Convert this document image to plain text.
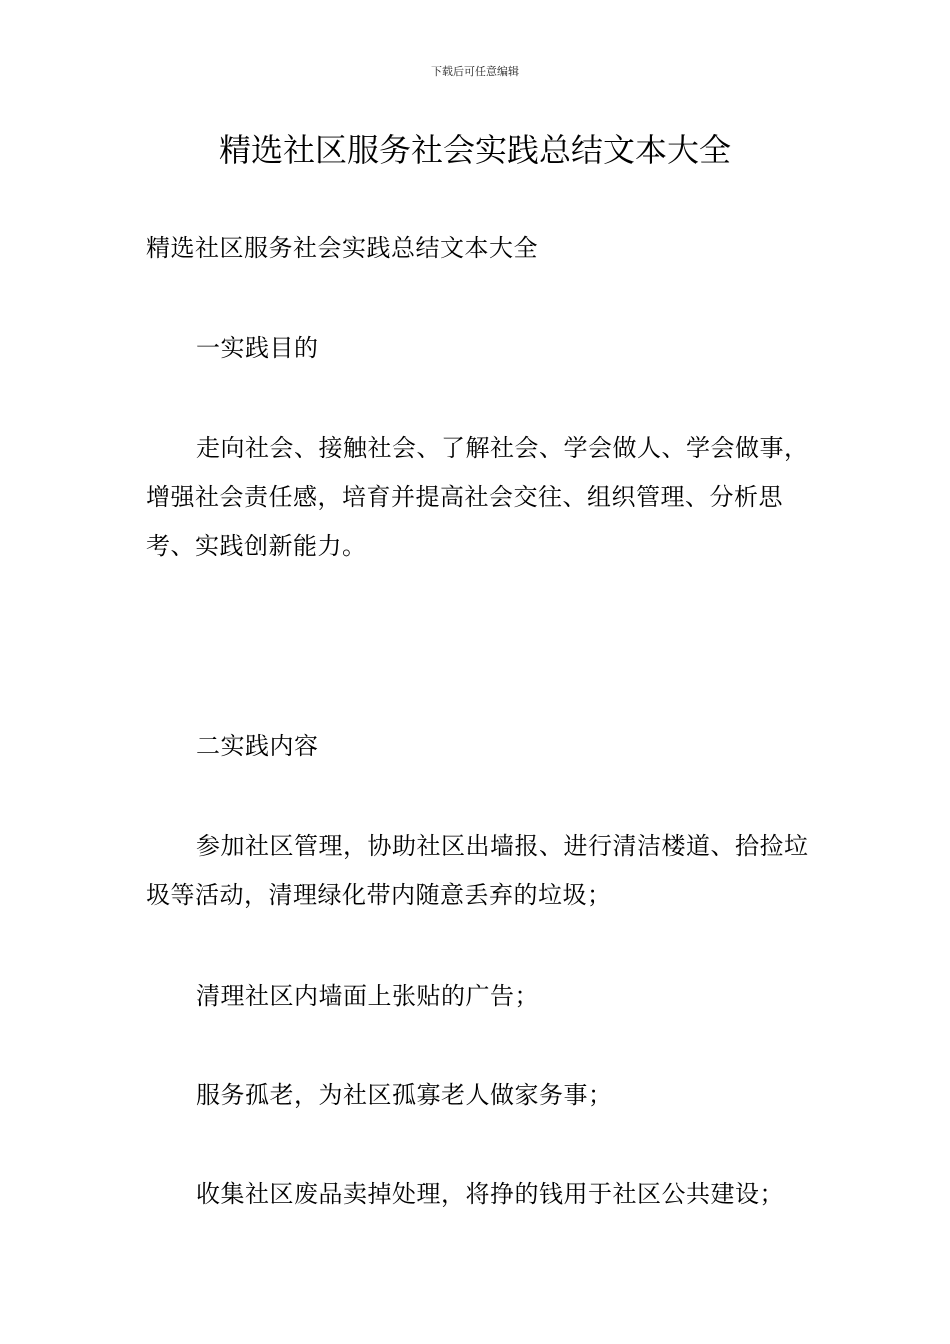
下载后可任意编辑
精选社区服务社会实践总结文本大全

精选社区服务社会实践总结文本大全

一实践目的

走向社会、接触社会、了解社会、学会做人、学会做事，增强社会责任感，培育并提高社会交往、组织管理、分析思考、实践创新能力。

二实践内容

参加社区管理，协助社区出墙报、进行清洁楼道、拾捡垃圾等活动，清理绿化带内随意丢弃的垃圾；

清理社区内墙面上张贴的广告；

服务孤老，为社区孤寡老人做家务事；

收集社区废品卖掉处理，将挣的钱用于社区公共建设；
